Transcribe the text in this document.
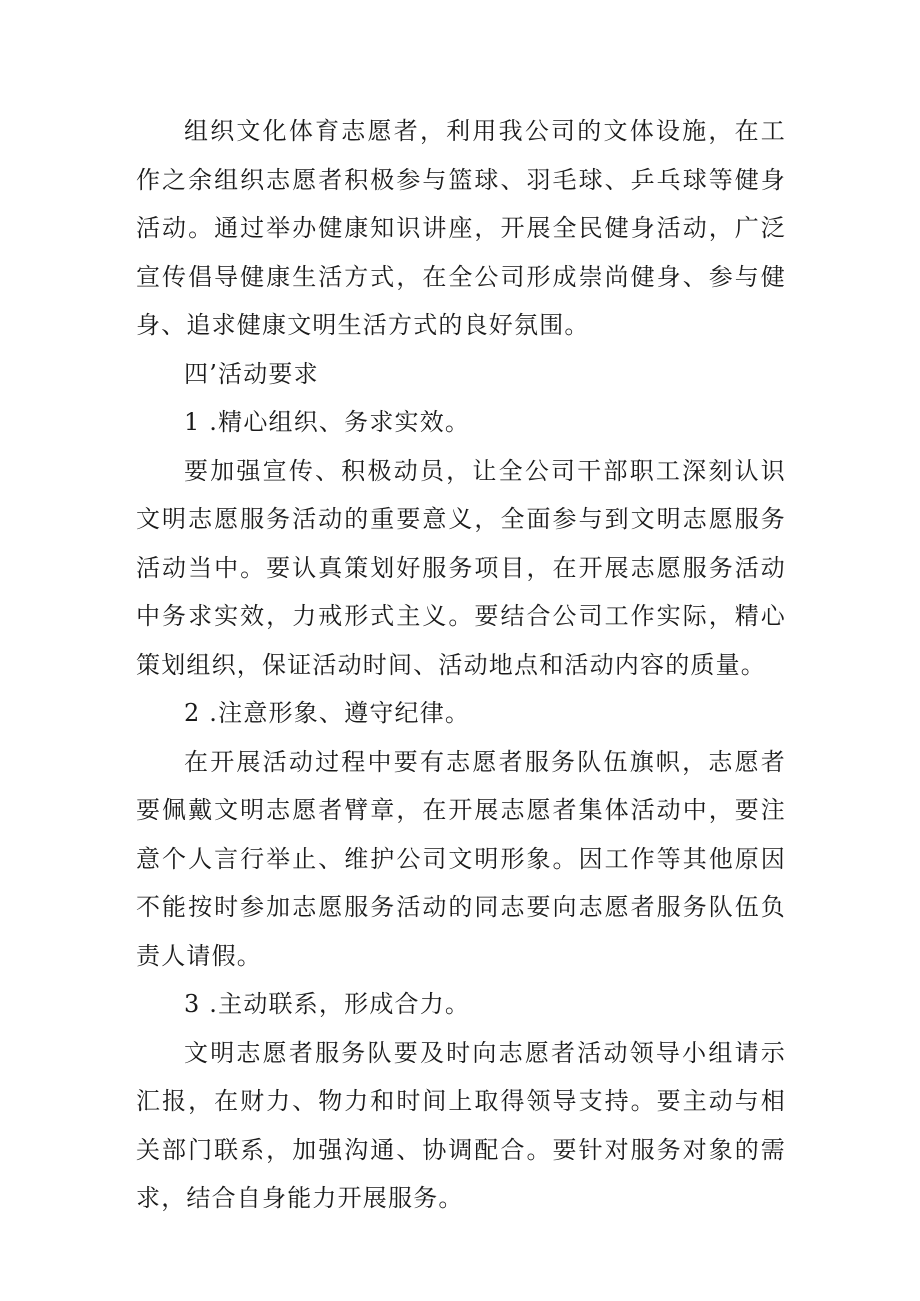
组织文化体育志愿者，利用我公司的文体设施，在工作之余组织志愿者积极参与篮球、羽毛球、乒乓球等健身活动。通过举办健康知识讲座，开展全民健身活动，广泛宣传倡导健康生活方式，在全公司形成崇尚健身、参与健身、追求健康文明生活方式的良好氛围。

四’活动要求

1 .精心组织、务求实效。

要加强宣传、积极动员，让全公司干部职工深刻认识文明志愿服务活动的重要意义，全面参与到文明志愿服务活动当中。要认真策划好服务项目，在开展志愿服务活动中务求实效，力戒形式主义。要结合公司工作实际，精心策划组织，保证活动时间、活动地点和活动内容的质量。

2 .注意形象、遵守纪律。

在开展活动过程中要有志愿者服务队伍旗帜，志愿者要佩戴文明志愿者臂章，在开展志愿者集体活动中，要注意个人言行举止、维护公司文明形象。因工作等其他原因不能按时参加志愿服务活动的同志要向志愿者服务队伍负责人请假。

3 .主动联系，形成合力。

文明志愿者服务队要及时向志愿者活动领导小组请示汇报，在财力、物力和时间上取得领导支持。要主动与相关部门联系，加强沟通、协调配合。要针对服务对象的需求，结合自身能力开展服务。
